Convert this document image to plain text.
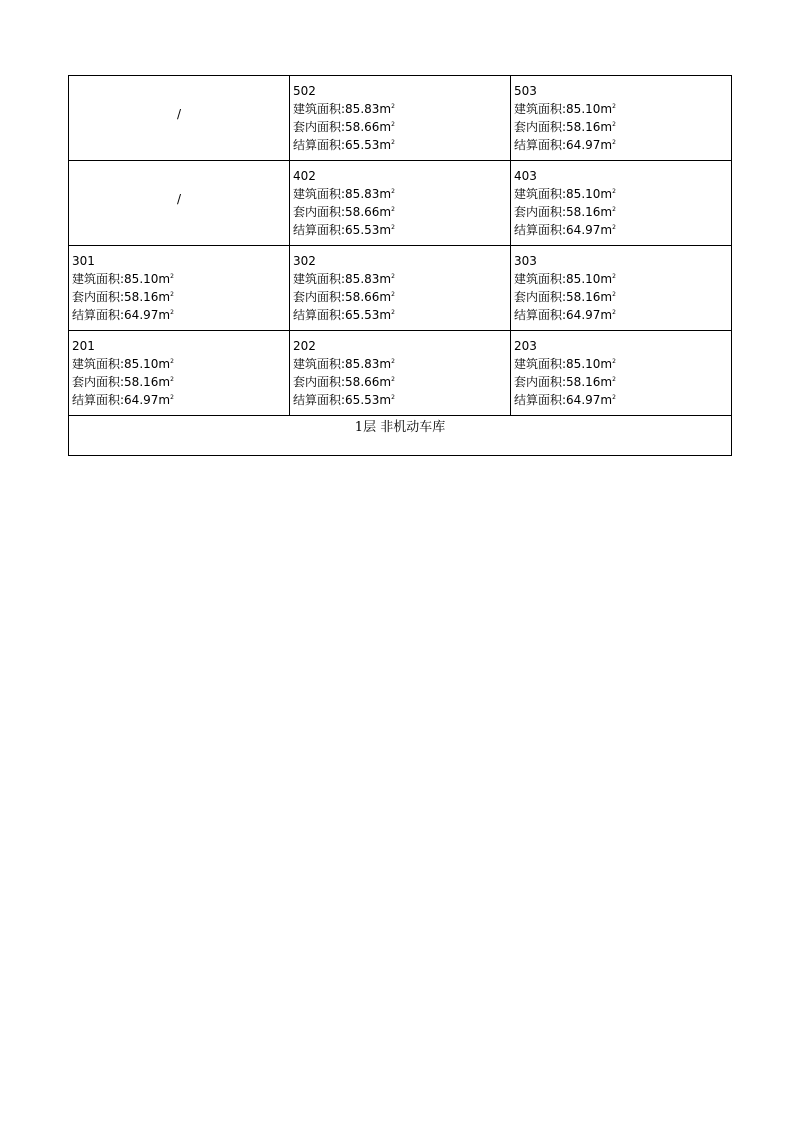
/	502
建筑面积$:85.83m^2$
套内面积$:58.66m^2$
结算面积$:65.53m^2$	503
建筑面积$:85.10m^2$
套内面积$:58.16m^2$
结算面积$:64.97m^2$

/	402
建筑面积$:85.83m^2$
套内面积$:58.66m^2$
结算面积$:65.53m^2$	403
建筑面积$:85.10m^2$
套内面积$:58.16m^2$
结算面积$:64.97m^2$

301
建筑面积$:85.10m^2$
套内面积$:58.16m^2$
结算面积$:64.97m^2$	302
建筑面积$:85.83m^2$
套内面积$:58.66m^2$
结算面积$:65.53m^2$	303
建筑面积$:85.10m^2$
套内面积$:58.16m^2$
结算面积$:64.97m^2$

201
建筑面积$:85.10m^2$
套内面积$:58.16m^2$
结算面积$:64.97m^2$	202
建筑面积$:85.83m^2$
套内面积$:58.66m^2$
结算面积$:65.53m^2$	203
建筑面积$:85.10m^2$
套内面积$:58.16m^2$
结算面积$:64.97m^2$

1层 非机动车库		
